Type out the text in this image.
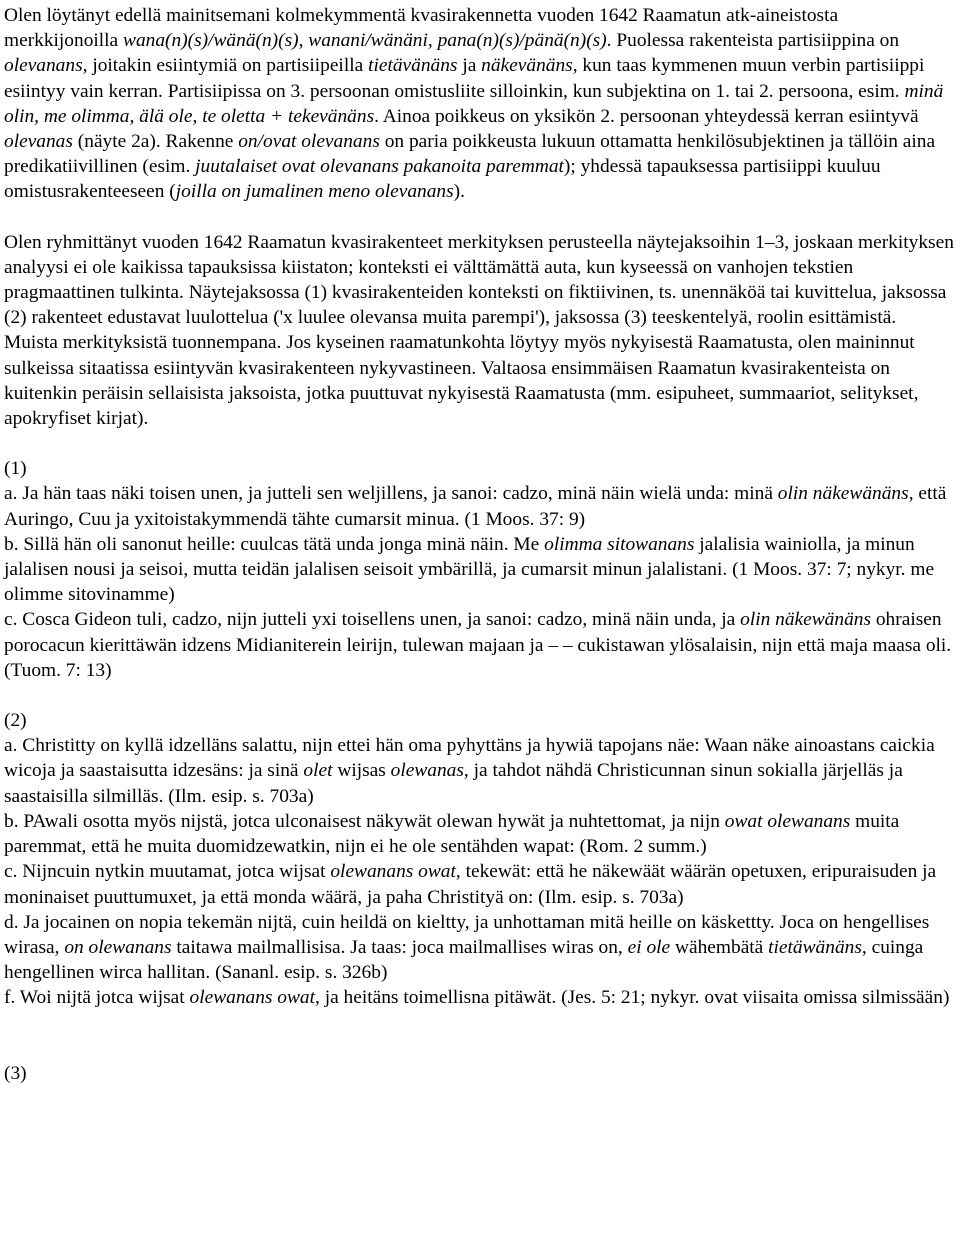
Olen löytänyt edellä mainitsemani kolmekymmentä kvasirakennetta vuoden 1642 Raamatun atk-aineistosta merkkijonoilla wana(n)(s)/wänä(n)(s), wanani/wänäni, pana(n)(s)/pänä(n)(s). Puolessa rakenteista partisiippina on olevanans, joitakin esiintymiä on partisiipeilla tietävänäns ja näkevänäns, kun taas kymmenen muun verbin partisiippi esiintyy vain kerran. Partisiipissa on 3. persoonan omistusliite silloinkin, kun subjektina on 1. tai 2. persoona, esim. minä olin, me olimma, älä ole, te oletta + tekevänäns. Ainoa poikkeus on yksikön 2. persoonan yhteydessä kerran esiintyvä olevanas (näyte 2a). Rakenne on/ovat olevanans on paria poikkeusta lukuun ottamatta henkilösubjektinen ja tällöin aina predikatiivillinen (esim. juutalaiset ovat olevanans pakanoita paremmat); yhdessä tapauksessa partisiippi kuuluu omistusrakenteeseen (joilla on jumalinen meno olevanans).

Olen ryhmittänyt vuoden 1642 Raamatun kvasirakenteet merkityksen perusteella näytejaksoihin 1–3, joskaan merkityksen analyysi ei ole kaikissa tapauksissa kiistaton; konteksti ei välttämättä auta, kun kyseessä on vanhojen tekstien pragmaattinen tulkinta. Näytejaksossa (1) kvasirakenteiden konteksti on fiktiivinen, ts. unennäköä tai kuvittelua, jaksossa (2) rakenteet edustavat luulottelua ('x luulee olevansa muita parempi'), jaksossa (3) teeskentelyä, roolin esittämistä. Muista merkityksistä tuonnempana. Jos kyseinen raamatunkohta löytyy myös nykyisestä Raamatusta, olen maininnut sulkeissa sitaatissa esiintyvän kvasirakenteen nykyvastineen. Valtaosa ensimmäisen Raamatun kvasirakenteista on kuitenkin peräisin sellaisista jaksoista, jotka puuttuvat nykyisestä Raamatusta (mm. esipuheet, summaariot, selitykset, apokryfiset kirjat).

(1)

a. Ja hän taas näki toisen unen, ja jutteli sen weljillens, ja sanoi: cadzo, minä näin wielä unda: minä olin näkewänäns, että Auringo, Cuu ja yxitoistakymmendä tähte cumarsit minua. (1 Moos. 37: 9)

b. Sillä hän oli sanonut heille: cuulcas tätä unda jonga minä näin. Me olimma sitowanans jalalisia wainiolla, ja minun jalalisen nousi ja seisoi, mutta teidän jalalisen seisoit ymbärillä, ja cumarsit minun jalalistani. (1 Moos. 37: 7; nykyr. me olimme sitovinamme)

c. Cosca Gideon tuli, cadzo, nijn jutteli yxi toisellens unen, ja sanoi: cadzo, minä näin unda, ja olin näkewänäns ohraisen porocacun kierittäwän idzens Midianiterein leirijn, tulewan majaan ja – – cukistawan ylösalaisin, nijn että maja maasa oli. (Tuom. 7: 13)

(2)

a. Christitty on kyllä idzelläns salattu, nijn ettei hän oma pyhyttäns ja hywiä tapojans näe: Waan näke ainoastans caickia wicoja ja saastaisutta idzesäns: ja sinä olet wijsas olewanas, ja tahdot nähdä Christicunnan sinun sokialla järjelläs ja saastaisilla silmilläs. (Ilm. esip. s. 703a)

b. PAwali osotta myös nijstä, jotca ulconaisest näkywät olewan hywät ja nuhtettomat, ja nijn owat olewanans muita paremmat, että he muita duomidzewatkin, nijn ei he ole sentähden wapat: (Rom. 2 summ.)

c. Nijncuin nytkin muutamat, jotca wijsat olewanans owat, tekewät: että he näkewäät wäärän opetuxen, eripuraisuden ja moninaiset puuttumuxet, ja että monda wäärä, ja paha Christityä on: (Ilm. esip. s. 703a)

d. Ja jocainen on nopia tekemän nijtä, cuin heildä on kieltty, ja unhottaman mitä heille on käskettty. Joca on hengellises wirasa, on olewanans taitawa mailmallisisa. Ja taas: joca mailmallises wiras on, ei ole wähembätä tietäwänäns, cuinga hengellinen wirca hallitan. (Sananl. esip. s. 326b)

f. Woi nijtä jotca wijsat olewanans owat, ja heitäns toimellisna pitäwät. (Jes. 5: 21; nykyr. ovat viisaita omissa silmissään)

(3)
